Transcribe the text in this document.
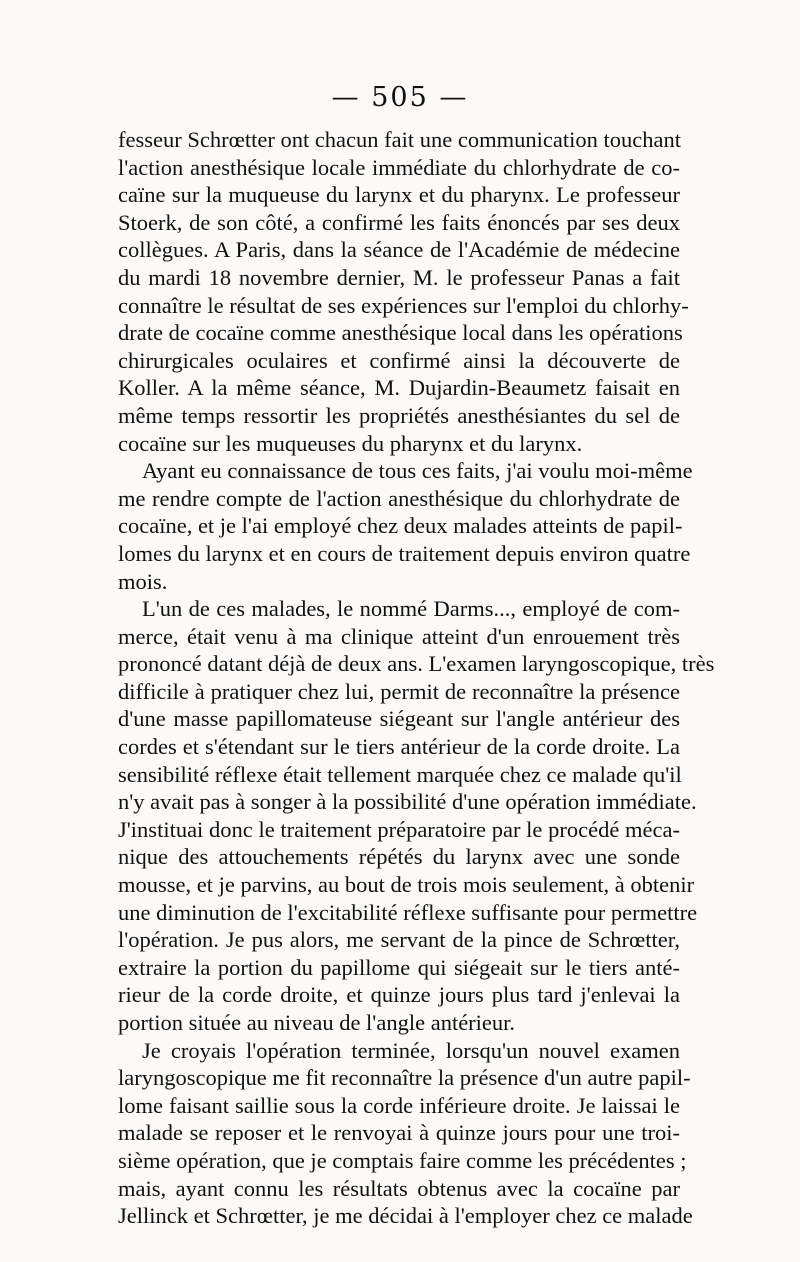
— 505 —
fesseur Schrœtter ont chacun fait une communication touchant
l'action anesthésique locale immédiate du chlorhydrate de co-
caïne sur la muqueuse du larynx et du pharynx. Le professeur
Stoerk, de son côté, a confirmé les faits énoncés par ses deux
collègues. A Paris, dans la séance de l'Académie de médecine
du mardi 18 novembre dernier, M. le professeur Panas a fait
connaître le résultat de ses expériences sur l'emploi du chlorhy-
drate de cocaïne comme anesthésique local dans les opérations
chirurgicales oculaires et confirmé ainsi la découverte de
Koller. A la même séance, M. Dujardin-Beaumetz faisait en
même temps ressortir les propriétés anesthésiantes du sel de
cocaïne sur les muqueuses du pharynx et du larynx.
Ayant eu connaissance de tous ces faits, j'ai voulu moi-même
me rendre compte de l'action anesthésique du chlorhydrate de
cocaïne, et je l'ai employé chez deux malades atteints de papil-
lomes du larynx et en cours de traitement depuis environ quatre
mois.
L'un de ces malades, le nommé Darms..., employé de com-
merce, était venu à ma clinique atteint d'un enrouement très
prononcé datant déjà de deux ans. L'examen laryngoscopique, très
difficile à pratiquer chez lui, permit de reconnaître la présence
d'une masse papillomateuse siégeant sur l'angle antérieur des
cordes et s'étendant sur le tiers antérieur de la corde droite. La
sensibilité réflexe était tellement marquée chez ce malade qu'il
n'y avait pas à songer à la possibilité d'une opération immédiate.
J'instituai donc le traitement préparatoire par le procédé méca-
nique des attouchements répétés du larynx avec une sonde
mousse, et je parvins, au bout de trois mois seulement, à obtenir
une diminution de l'excitabilité réflexe suffisante pour permettre
l'opération. Je pus alors, me servant de la pince de Schrœtter,
extraire la portion du papillome qui siégeait sur le tiers anté-
rieur de la corde droite, et quinze jours plus tard j'enlevai la
portion située au niveau de l'angle antérieur.
Je croyais l'opération terminée, lorsqu'un nouvel examen
laryngoscopique me fit reconnaître la présence d'un autre papil-
lome faisant saillie sous la corde inférieure droite. Je laissai le
malade se reposer et le renvoyai à quinze jours pour une troi-
sième opération, que je comptais faire comme les précédentes ;
mais, ayant connu les résultats obtenus avec la cocaïne par
Jellinck et Schrœtter, je me décidai à l'employer chez ce malade
